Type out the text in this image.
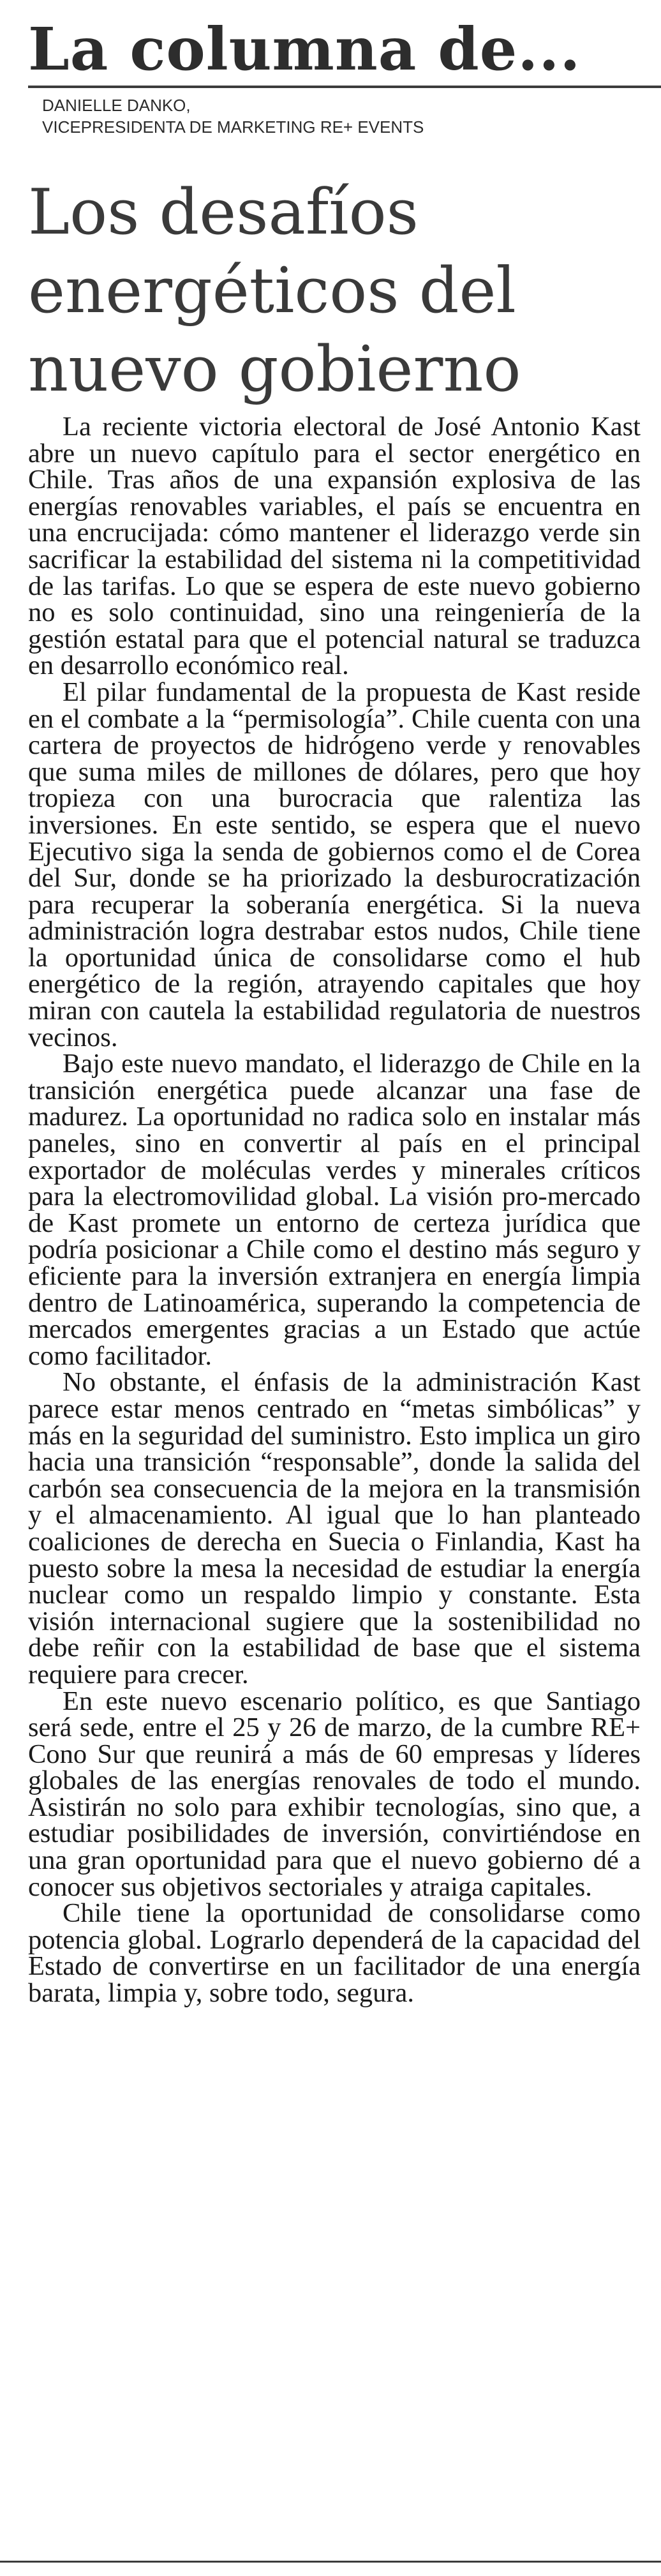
La columna de...
DANIELLE DANKO,
VICEPRESIDENTA DE MARKETING RE+ EVENTS
Los desafíos energéticos del nuevo gobierno

La reciente victoria electoral de José Antonio Kast abre un nuevo capítulo para el sector energético en Chile. Tras años de una expansión explosiva de las energías renovables variables, el país se encuentra en una encrucijada: cómo mantener el liderazgo verde sin sacrificar la estabilidad del sistema ni la competitividad de las tarifas. Lo que se espera de este nuevo gobierno no es solo continuidad, sino una reingeniería de la gestión estatal para que el potencial natural se traduzca en desarrollo económico real.

El pilar fundamental de la propuesta de Kast reside en el combate a la “permisología”. Chile cuenta con una cartera de proyectos de hidrógeno verde y renovables que suma miles de millones de dólares, pero que hoy tropieza con una burocracia que ralentiza las inversiones. En este sentido, se espera que el nuevo Ejecutivo siga la senda de gobiernos como el de Corea del Sur, donde se ha priorizado la desburocratización para recuperar la soberanía energética. Si la nueva administración logra destrabar estos nudos, Chile tiene la oportunidad única de consolidarse como el hub energético de la región, atrayendo capitales que hoy miran con cautela la estabilidad regulatoria de nuestros vecinos.

Bajo este nuevo mandato, el liderazgo de Chile en la transición energética puede alcanzar una fase de madurez. La oportunidad no radica solo en instalar más paneles, sino en convertir al país en el principal exportador de moléculas verdes y minerales críticos para la electromovilidad global. La visión pro-mercado de Kast promete un entorno de certeza jurídica que podría posicionar a Chile como el destino más seguro y eficiente para la inversión extranjera en energía limpia dentro de Latinoamérica, superando la competencia de mercados emergentes gracias a un Estado que actúe como facilitador.

No obstante, el énfasis de la administración Kast parece estar menos centrado en “metas simbólicas” y más en la seguridad del suministro. Esto implica un giro hacia una transición “responsable”, donde la salida del carbón sea consecuencia de la mejora en la transmisión y el almacenamiento. Al igual que lo han planteado coaliciones de derecha en Suecia o Finlandia, Kast ha puesto sobre la mesa la necesidad de estudiar la energía nuclear como un respaldo limpio y constante. Esta visión internacional sugiere que la sostenibilidad no debe reñir con la estabilidad de base que el sistema requiere para crecer.

En este nuevo escenario político, es que Santiago será sede, entre el 25 y 26 de marzo, de la cumbre RE+ Cono Sur que reunirá a más de 60 empresas y líderes globales de las energías renovales de todo el mundo. Asistirán no solo para exhibir tecnologías, sino que, a estudiar posibilidades de inversión, convirtiéndose en una gran oportunidad para que el nuevo gobierno dé a conocer sus objetivos sectoriales y atraiga capitales.

Chile tiene la oportunidad de consolidarse como potencia global. Lograrlo dependerá de la capacidad del Estado de convertirse en un facilitador de una energía barata, limpia y, sobre todo, segura.
